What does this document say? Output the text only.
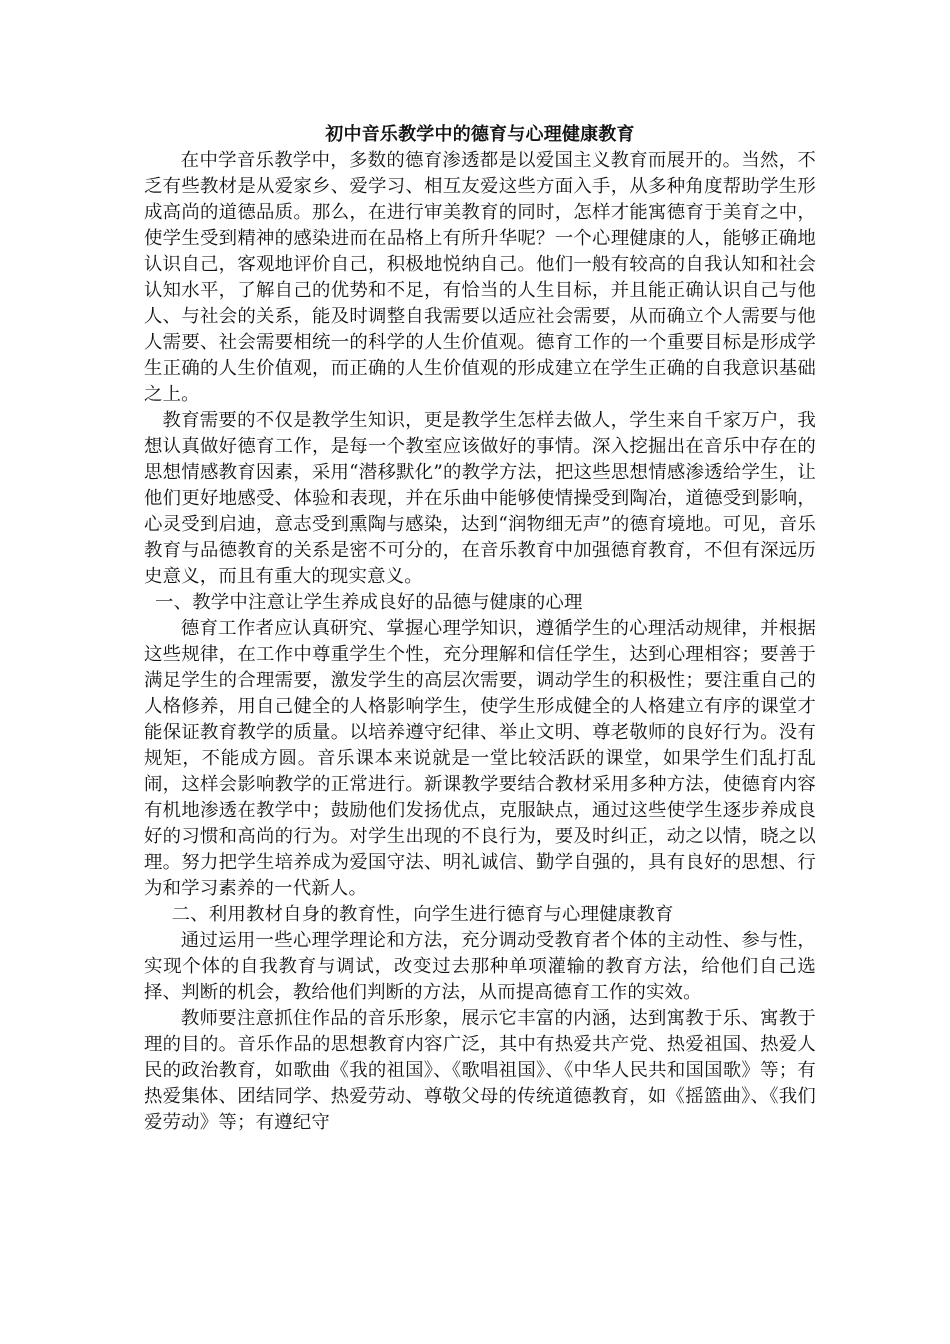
初中音乐教学中的德育与心理健康教育

在中学音乐教学中，多数的德育渗透都是以爱国主义教育而展开的。当然，不乏有些教材是从爱家乡、爱学习、相互友爱这些方面入手，从多种角度帮助学生形成高尚的道德品质。那么，在进行审美教育的同时，怎样才能寓德育于美育之中，使学生受到精神的感染进而在品格上有所升华呢？一个心理健康的人，能够正确地认识自己，客观地评价自己，积极地悦纳自己。他们一般有较高的自我认知和社会认知水平，了解自己的优势和不足，有恰当的人生目标，并且能正确认识自己与他人、与社会的关系，能及时调整自我需要以适应社会需要，从而确立个人需要与他人需要、社会需要相统一的科学的人生价值观。德育工作的一个重要目标是形成学生正确的人生价值观，而正确的人生价值观的形成建立在学生正确的自我意识基础之上。

教育需要的不仅是教学生知识，更是教学生怎样去做人，学生来自千家万户，我想认真做好德育工作，是每一个教室应该做好的事情。深入挖掘出在音乐中存在的思想情感教育因素，采用“潜移默化”的教学方法，把这些思想情感渗透给学生，让他们更好地感受、体验和表现，并在乐曲中能够使情操受到陶冶，道德受到影响，心灵受到启迪，意志受到熏陶与感染，达到“润物细无声”的德育境地。可见，音乐教育与品德教育的关系是密不可分的，在音乐教育中加强德育教育，不但有深远历史意义，而且有重大的现实意义。

一、教学中注意让学生养成良好的品德与健康的心理

德育工作者应认真研究、掌握心理学知识，遵循学生的心理活动规律，并根据这些规律，在工作中尊重学生个性，充分理解和信任学生，达到心理相容；要善于满足学生的合理需要，激发学生的高层次需要，调动学生的积极性；要注重自己的人格修养，用自己健全的人格影响学生，使学生形成健全的人格建立有序的课堂才能保证教育教学的质量。以培养遵守纪律、举止文明、尊老敬师的良好行为。没有规矩，不能成方圆。音乐课本来说就是一堂比较活跃的课堂，如果学生们乱打乱闹，这样会影响教学的正常进行。新课教学要结合教材采用多种方法，使德育内容有机地渗透在教学中；鼓励他们发扬优点，克服缺点，通过这些使学生逐步养成良好的习惯和高尚的行为。对学生出现的不良行为，要及时纠正，动之以情，晓之以理。努力把学生培养成为爱国守法、明礼诚信、勤学自强的，具有良好的思想、行为和学习素养的一代新人。

二、利用教材自身的教育性，向学生进行德育与心理健康教育

通过运用一些心理学理论和方法，充分调动受教育者个体的主动性、参与性，实现个体的自我教育与调试，改变过去那种单项灌输的教育方法，给他们自己选择、判断的机会，教给他们判断的方法，从而提高德育工作的实效。

教师要注意抓住作品的音乐形象，展示它丰富的内涵，达到寓教于乐、寓教于理的目的。音乐作品的思想教育内容广泛，其中有热爱共产党、热爱祖国、热爱人民的政治教育，如歌曲《我的祖国》、《歌唱祖国》、《中华人民共和国国歌》等；有热爱集体、团结同学、热爱劳动、尊敬父母的传统道德教育，如《摇篮曲》、《我们爱劳动》等；有遵纪守
